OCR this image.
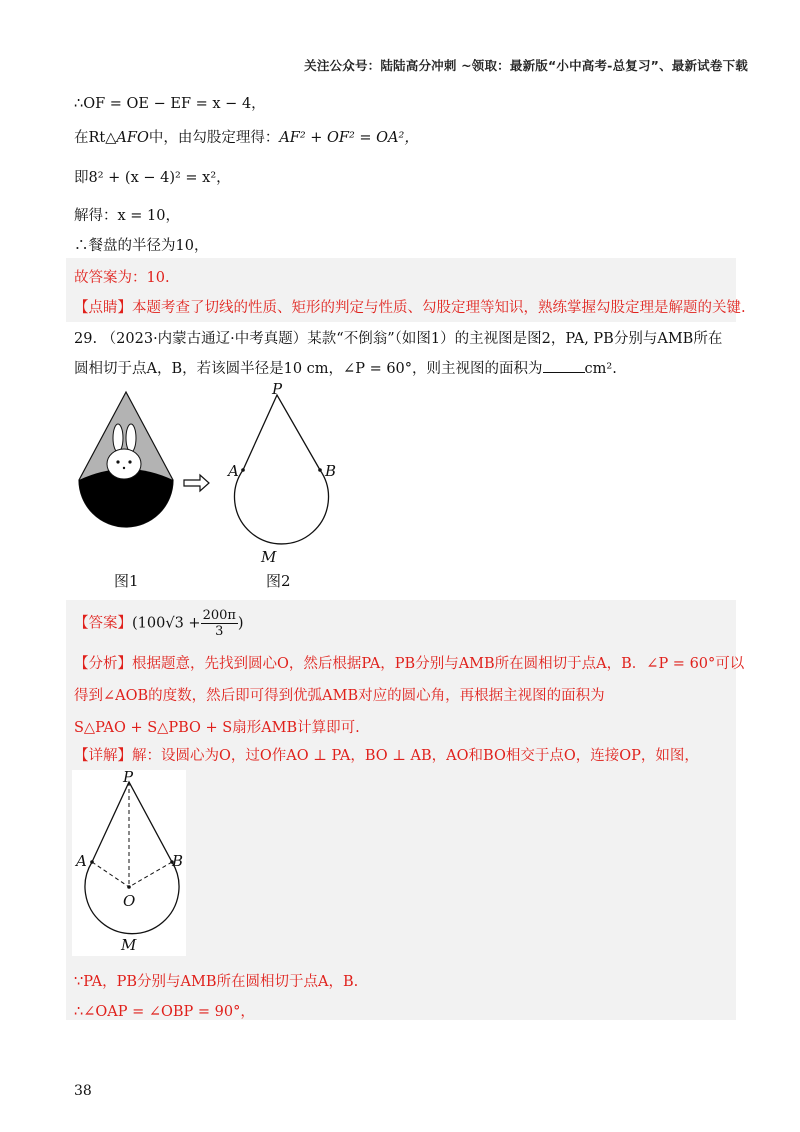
关注公众号：陆陆高分冲刺 ~领取：最新版“小中高考-总复习”、最新试卷下载
∴OF = OE − EF = x − 4，
在Rt△AFO中，由勾股定理得：AF² + OF² = OA²，
即8² + (x − 4)² = x²，
解得：x = 10，
∴餐盘的半径为10，
故答案为：10.
【点睛】本题考查了切线的性质、矩形的判定与性质、勾股定理等知识，熟练掌握勾股定理是解题的关键.
29. （2023·内蒙古通辽·中考真题）某款“不倒翁”（如图1）的主视图是图2，PA, PB分别与AMB所在
圆相切于点A，B，若该圆半径是10 cm，∠P = 60°，则主视图的面积为	cm².
P
A	B
M
图1	图2
【答案】($100√3 + \frac{200\pi}{3}$ )
【分析】根据题意，先找到圆心O，然后根据PA，PB分别与AMB所在圆相切于点A，B．∠P = 60°可以
得到∠AOB的度数，然后即可得到优弧AMB对应的圆心角，再根据主视图的面积为
S△PAO + S△PBO + S扇形AMB计算即可.
【详解】解：设圆心为O，过O作AO ⊥ PA，BO ⊥ AB，AO和BO相交于点O，连接OP，如图，
P
A	B
O
M
∵PA，PB分别与AMB所在圆相切于点A，B.
∴∠OAP = ∠OBP = 90°，
38
